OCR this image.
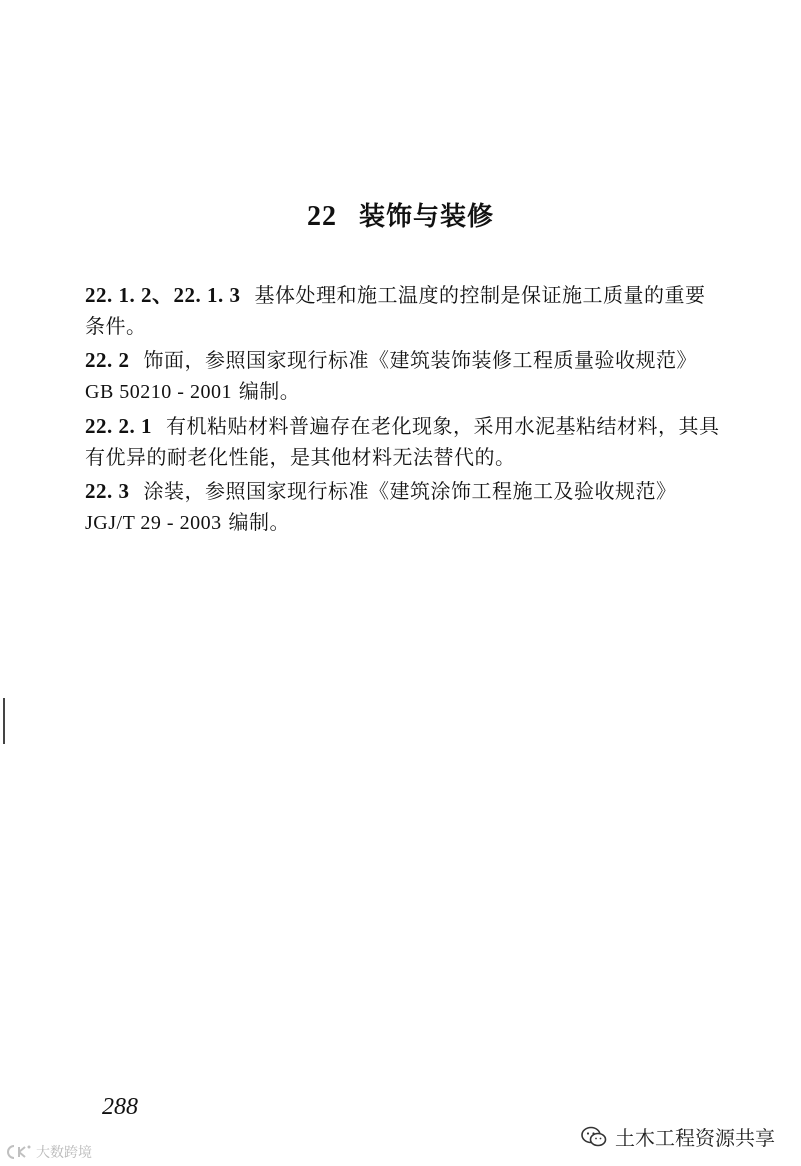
22 装饰与装修

22. 1. 2、22. 1. 3 基体处理和施工温度的控制是保证施工质量的重要条件。

22. 2 饰面，参照国家现行标准《建筑装饰装修工程质量验收规范》GB 50210 - 2001 编制。

22. 2. 1 有机粘贴材料普遍存在老化现象，采用水泥基粘结材料，其具有优异的耐老化性能，是其他材料无法替代的。

22. 3 涂装，参照国家现行标准《建筑涂饰工程施工及验收规范》JGJ/T 29 - 2003 编制。

288
土木工程资源共享
大数跨境
